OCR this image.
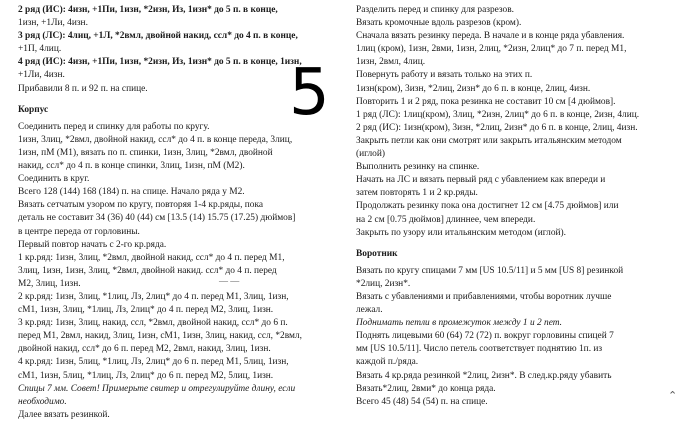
2 ряд (ИС): 4изн, +1Пи, 1изн, *2изн, Из, 1изн* до 5 п. в конце,
1изн, +1Ли, 4изн.
3 ряд (ЛС): 4лиц, +1Л, *2вмл, двойной накид, ссл* до 4 п. в конце,
+1П, 4лиц.
4 ряд (ИС): 4изн, +1Пи, 1изн, *2изн, Из, 1изн* до 5 п. в конце, 1изн,
+1Ли, 4изн.
Прибавили 8 п. и 92 п. на спице.
Корпус
Соединить перед и спинку для работы по кругу.
1изн, 3лиц, *2вмл, двойной накид, ссл* до 4 п. в конце переда, 3лиц,
1изн, пМ (М1), вязать по п. спинки, 1изн, 3лиц, *2вмл, двойной
накид, ссл* до 4 п. в конце спинки, 3лиц, 1изн, пМ (М2).
Соединить в круг.
Всего 128 (144) 168 (184) п. на спице. Начало ряда у М2.
Вязать сетчатым узором по кругу, повторяя 1-4 кр.ряды, пока
деталь не составит 34 (36) 40 (44) см [13.5 (14) 15.75 (17.25) дюймов]
в центре переда от горловины.
Первый повтор начать с 2-го кр.ряда.
1 кр.ряд: 1изн, 3лиц, *2вмл, двойной накид, ссл* до 4 п. перед М1,
3лиц, 1изн, 1изн, 3лиц, *2вмл, двойной накид. ссл* до 4 п. перед
М2, 3лиц, 1изн.
2 кр.ряд: 1изн, 3лиц, *1лиц, Лз, 2лиц* до 4 п. перед М1, 3лиц, 1изн,
сМ1, 1изн, 3лиц, *1лиц, Лз, 2лиц* до 4 п. перед М2, 3лиц, 1изн.
3 кр.ряд: 1изн, 3лиц, накид, ссл, *2вмл, двойной накид, ссл* до 6 п.
перед М1, 2вмл, накид, 3лиц, 1изн, сМ1, 1изн, 3лиц, накид, ссл, *2вмл,
двойной накид, ссл* до 6 п. перед М2, 2вмл, накид, 3лиц, 1изн.
4 кр.ряд: 1изн, 5лиц, *1лиц, Лз, 2лиц* до 6 п. перед М1, 5лиц, 1изн,
сМ1, 1изн, 5лиц, *1лиц, Лз, 2лиц* до 6 п. перед М2, 5лиц, 1изн.
Спицы 7 мм. Совет! Примерьте свитер и отрегулируйте длину, если
необходимо.
Далее вязать резинкой.
5
— —
Разделить перед и спинку для разрезов.
Вязать кромочные вдоль разрезов (кром).
Сначала вязать резинку переда. В начале и в конце ряда убавления.
1лиц (кром), 1изн, 2вми, 1изн, 2лиц, *2изн, 2лиц* до 7 п. перед М1,
1изн, 2вмл, 4лиц.
Повернуть работу и вязать только на этих п.
1изн(кром), 3изн, *2лиц, 2изн* до 6 п. в конце, 2лиц, 4изн.
Повторить 1 и 2 ряд, пока резинка не составит 10 см [4 дюймов].
1 ряд (ЛС): 1лиц(кром), 3лиц, *2изн, 2лиц* до 6 п. в конце, 2изн, 4лиц.
2 ряд (ИС): 1изн(кром), 3изн, *2лиц, 2изн* до 6 п. в конце, 2лиц, 4изн.
Закрыть петли как они смотрят или закрыть итальянским методом
(иглой)
Выполнить резинку на спинке.
Начать на ЛС и вязать первый ряд с убавлением как впереди и
затем повторять 1 и 2 кр.ряды.
Продолжать резинку пока она достигнет 12 см [4.75 дюймов] или
на 2 см [0.75 дюймов] длиннее, чем впереди.
Закрыть по узору или итальянским методом (иглой).
Воротник
Вязать по кругу спицами 7 мм [US 10.5/11] и 5 мм [US 8] резинкой
*2лиц, 2изн*.
Вязать с убавлениями и прибавлениями, чтобы воротник лучше
лежал.
Поднимать петли в промежуток между 1 и 2 пет.
Поднять лицевыми 60 (64) 72 (72) п. вокруг горловины спицей 7
мм [US 10.5/11]. Число петель соответствует поднятию 1п. из
каждой п./ряда.
Вязать 4 кр.ряда резинкой *2лиц, 2изн*. В след.кр.ряду убавить
Вязать*2лиц, 2вми* до конца ряда.
Всего 45 (48) 54 (54) п. на спице.	⌃
